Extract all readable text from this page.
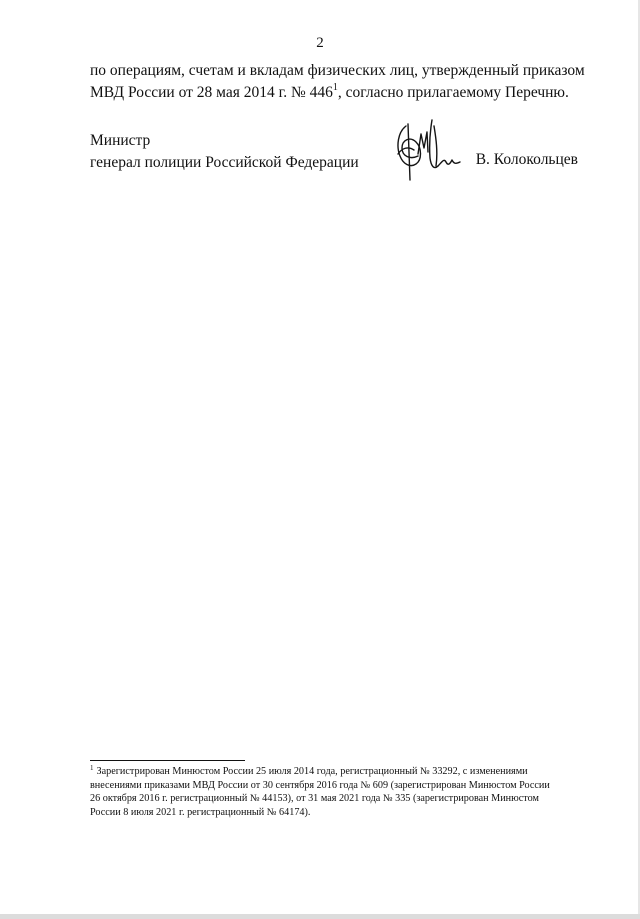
2
по операциям, счетам и вкладам физических лиц, утвержденный приказом
МВД России от 28 мая 2014 г. № $446^1$, согласно прилагаемому Перечню.
Министр
генерал полиции Российской Федерации	В. Колокольцев
$^1$ Зарегистрирован Минюстом России 25 июля 2014 года, регистрационный № 33292, с изменениями
внесениями приказами МВД России от 30 сентября 2016 года № 609 (зарегистрирован Минюстом России
26 октября 2016 г. регистрационный № 44153), от 31 мая 2021 года № 335 (зарегистрирован Минюстом
России 8 июля 2021 г. регистрационный № 64174).
